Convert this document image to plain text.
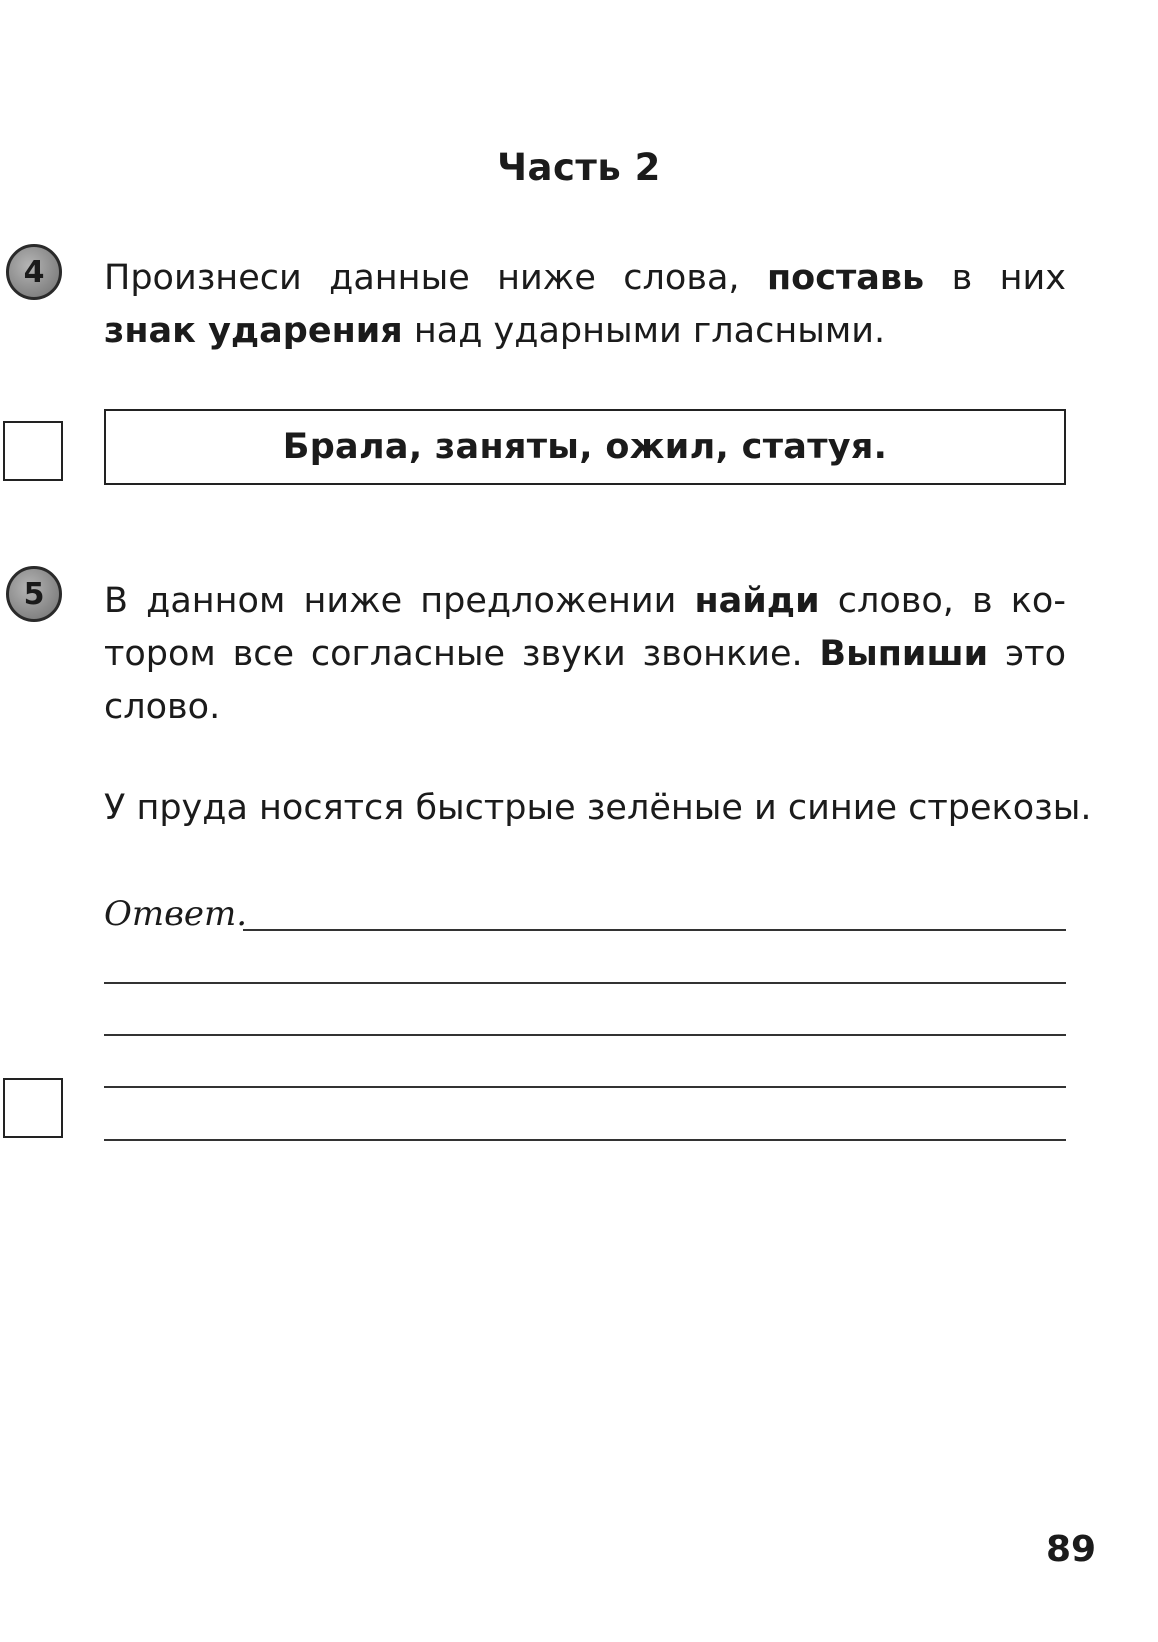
Часть 2
4	Произнеси данные ниже слова, поставь в них знак ударения над ударными гласными.
Брала, заняты, ожил, статуя.
5	В данном ниже предложении найди слово, в котором все согласные звуки звонкие. Выпиши это слово.
У пруда носятся быстрые зелёные и синие стрекозы.
Ответ.
89
